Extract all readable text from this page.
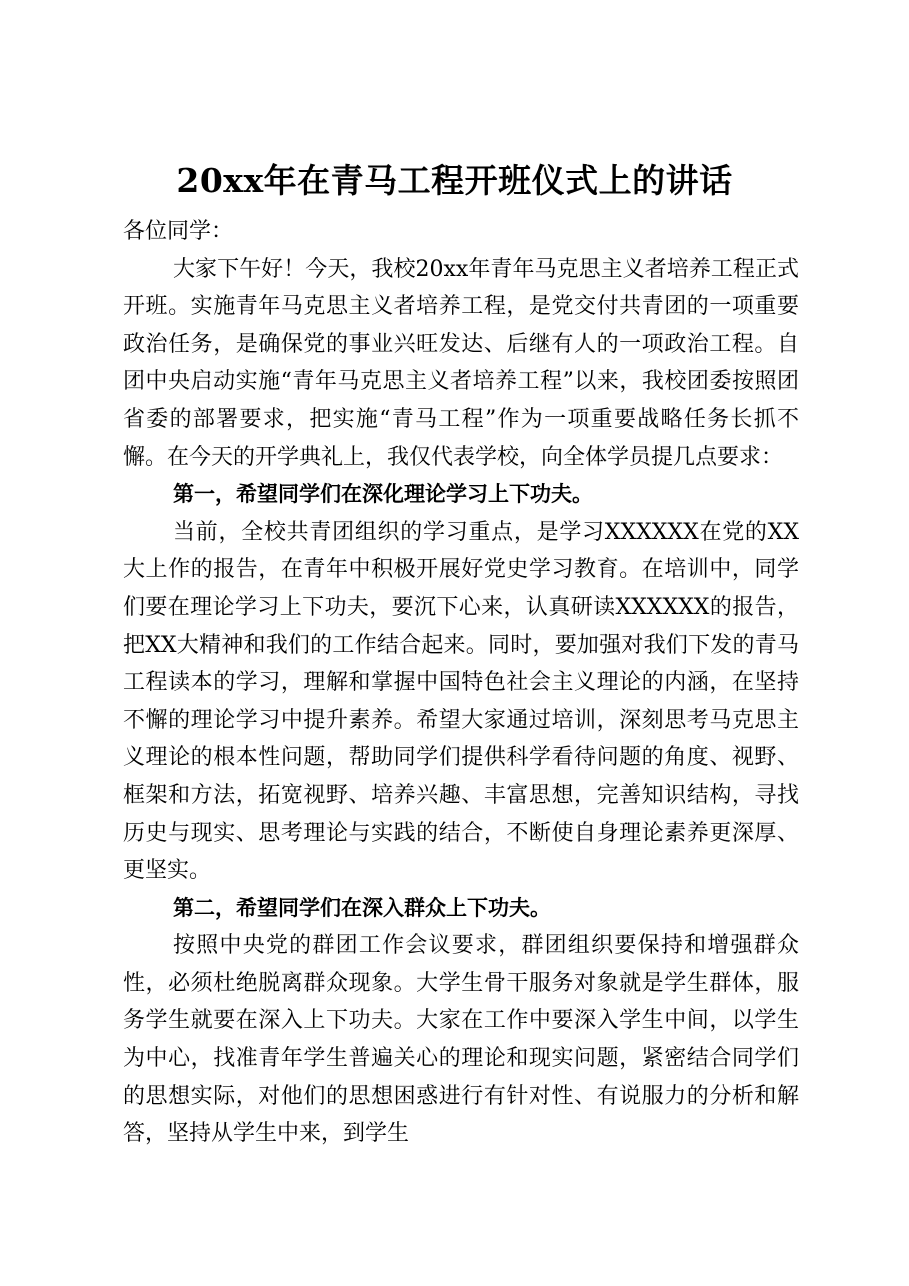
20xx年在青马工程开班仪式上的讲话

各位同学：

大家下午好！今天，我校20xx年青年马克思主义者培养工程正式开班。实施青年马克思主义者培养工程，是党交付共青团的一项重要政治任务，是确保党的事业兴旺发达、后继有人的一项政治工程。自团中央启动实施“青年马克思主义者培养工程”以来，我校团委按照团省委的部署要求，把实施“青马工程”作为一项重要战略任务长抓不懈。在今天的开学典礼上，我仅代表学校，向全体学员提几点要求：

第一，希望同学们在深化理论学习上下功夫。

当前，全校共青团组织的学习重点，是学习XXXXXX在党的XX大上作的报告，在青年中积极开展好党史学习教育。在培训中，同学们要在理论学习上下功夫，要沉下心来，认真研读XXXXXX的报告，把XX大精神和我们的工作结合起来。同时，要加强对我们下发的青马工程读本的学习，理解和掌握中国特色社会主义理论的内涵，在坚持不懈的理论学习中提升素养。希望大家通过培训，深刻思考马克思主义理论的根本性问题，帮助同学们提供科学看待问题的角度、视野、框架和方法，拓宽视野、培养兴趣、丰富思想，完善知识结构，寻找历史与现实、思考理论与实践的结合，不断使自身理论素养更深厚、更坚实。

第二，希望同学们在深入群众上下功夫。

按照中央党的群团工作会议要求，群团组织要保持和增强群众性，必须杜绝脱离群众现象。大学生骨干服务对象就是学生群体，服务学生就要在深入上下功夫。大家在工作中要深入学生中间，以学生为中心，找准青年学生普遍关心的理论和现实问题，紧密结合同学们的思想实际，对他们的思想困惑进行有针对性、有说服力的分析和解答，坚持从学生中来，到学生
